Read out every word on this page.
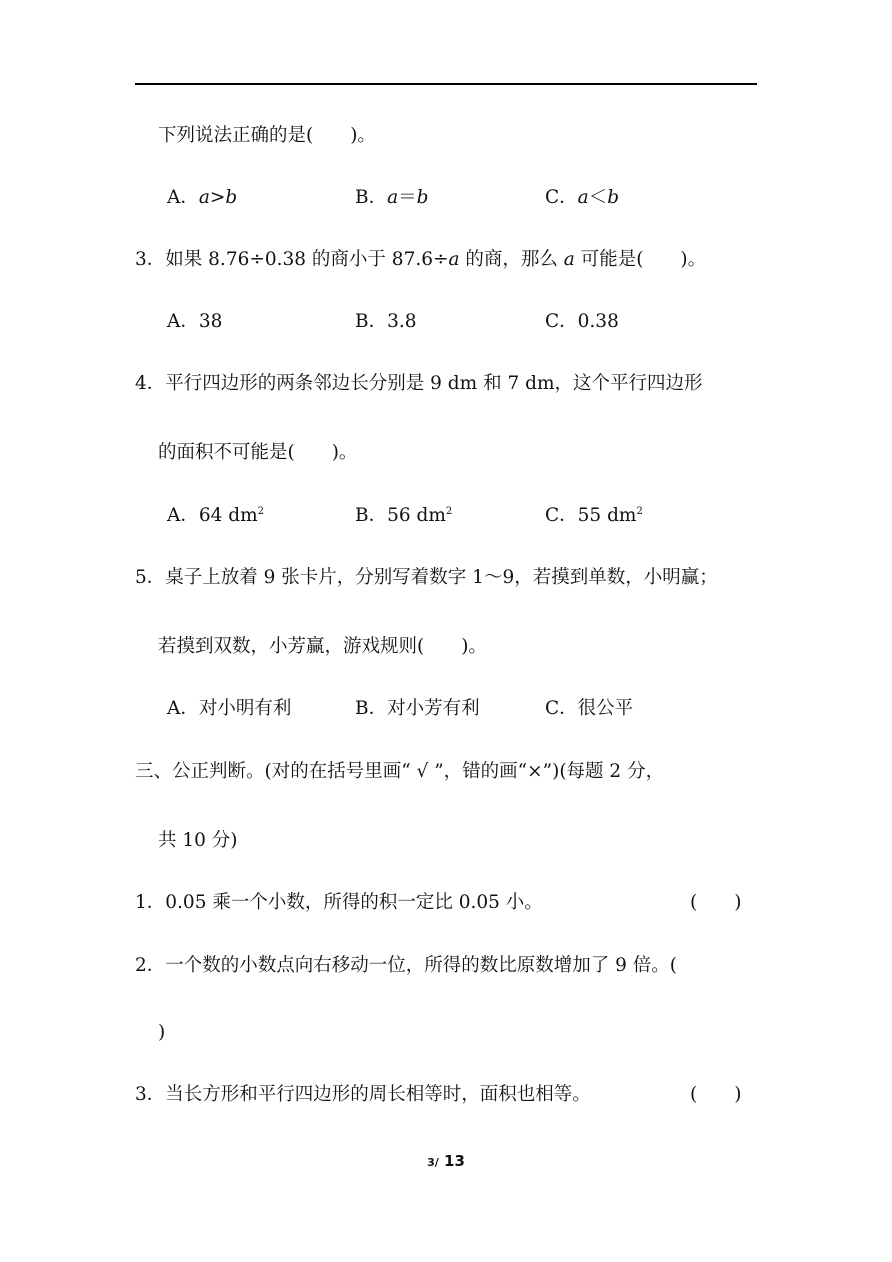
下列说法正确的是(　　)。
A．a>b	B．a＝b	C．a＜b
3．如果 8.76÷0.38 的商小于 87.6÷a 的商，那么 a 可能是(　　)。
A．38	B．3.8	C．0.38
4．平行四边形的两条邻边长分别是 9 dm 和 7 dm，这个平行四边形
的面积不可能是(　　)。
A．64 $dm^2$	B．56 $dm^2$	C．55 $dm^2$
5．桌子上放着 9 张卡片，分别写着数字 1～9，若摸到单数，小明赢；
若摸到双数，小芳赢，游戏规则(　　)。
A．对小明有利	B．对小芳有利	C．很公平
三、公正判断。(对的在括号里画“ √ ”，错的画“×”)(每题 2 分，
共 10 分)
1．0.05 乘一个小数，所得的积一定比 0.05 小。	(　　)
2．一个数的小数点向右移动一位，所得的数比原数增加了 9 倍。(
)
3．当长方形和平行四边形的周长相等时，面积也相等。	(　　)
3/ 13
